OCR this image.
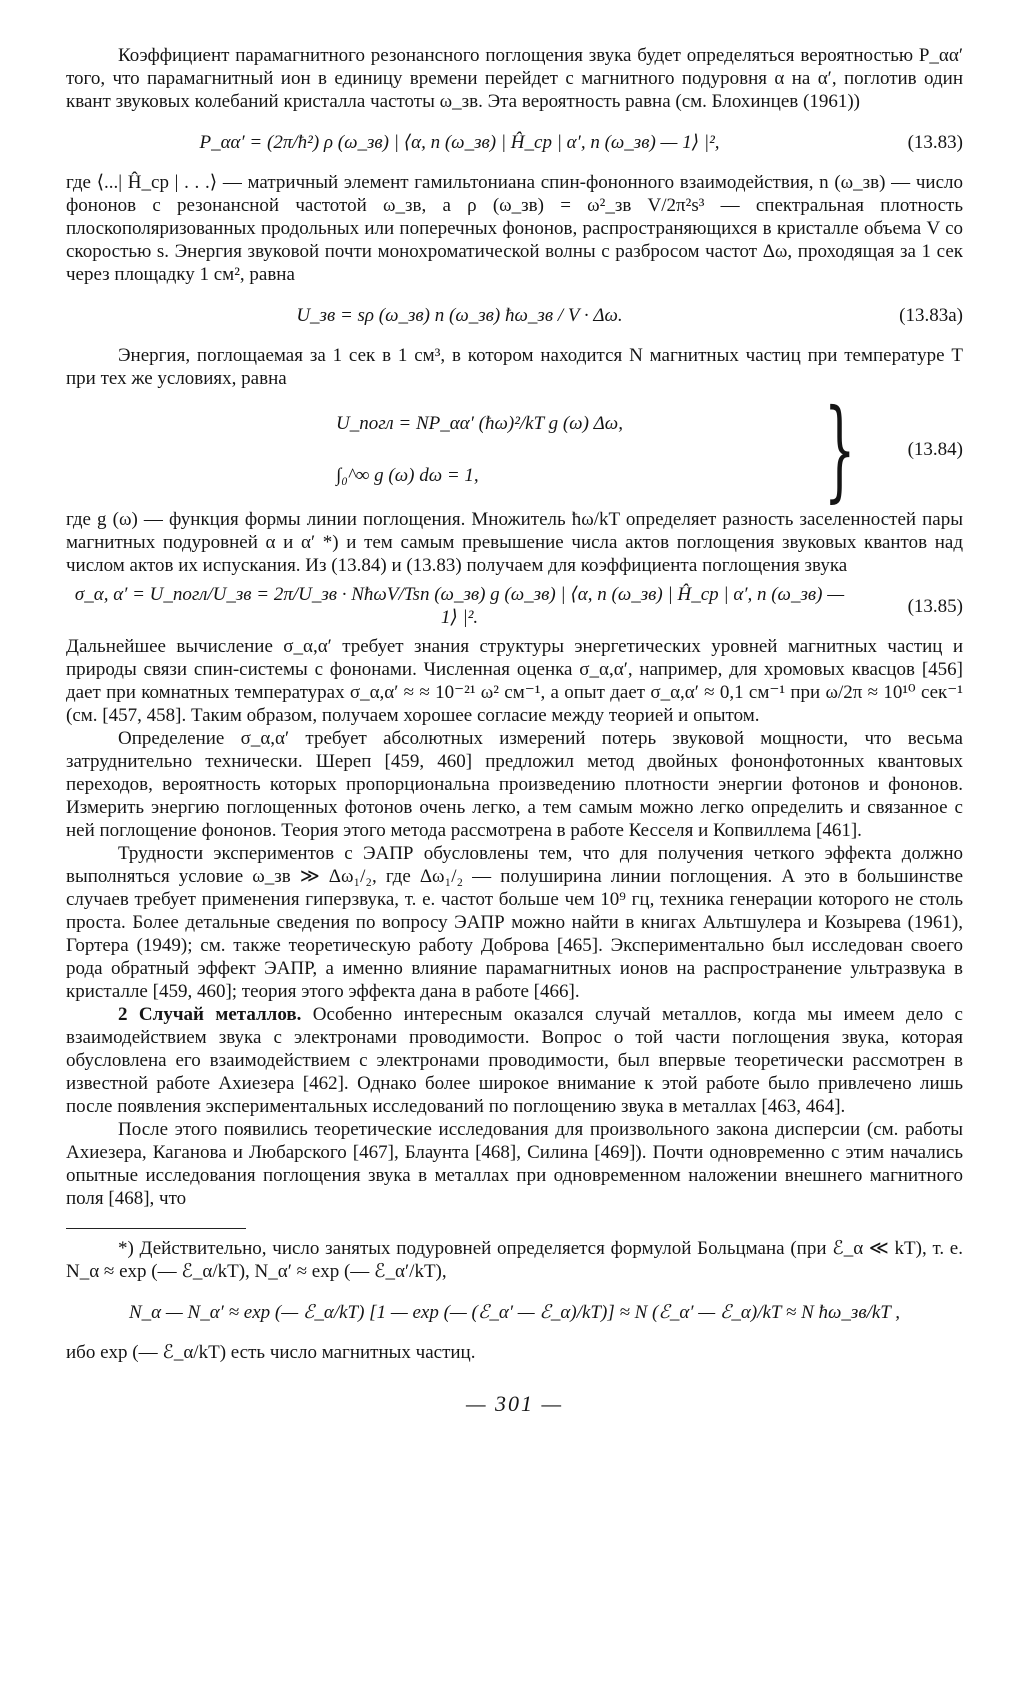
Коэффициент парамагнитного резонансного поглощения звука будет определяться вероятностью P_αα′ того, что парамагнитный ион в единицу времени перейдет с магнитного подуровня α на α′, поглотив один квант звуковых колебаний кристалла частоты ω_зв. Эта вероятность равна (см. Блохинцев (1961))

P_αα′ = (2π/ħ²) ρ (ω_зв) | ⟨α, n (ω_зв) | Ĥ_ср | α′, n (ω_зв) — 1⟩ |²,	(13.83)

где ⟨...| Ĥ_ср | . . .⟩ — матричный элемент гамильтониана спин-фононного взаимодействия, n (ω_зв) — число фононов с резонансной частотой ω_зв, а ρ (ω_зв) = ω²_зв V/2π²s³ — спектральная плотность плоскополяризованных продольных или поперечных фононов, распространяющихся в кристалле объема V со скоростью s. Энергия звуковой почти монохроматической волны с разбросом частот Δω, проходящая за 1 сек через площадку 1 см², равна

U_зв = sρ (ω_зв) n (ω_зв) ħω_зв / V · Δω.	(13.83a)

Энергия, поглощаемая за 1 сек в 1 см³, в котором находится N магнитных частиц при температуре T при тех же условиях, равна

U_погл = NP_αα′ (ħω)²/kT g (ω) Δω,
∫₀^∞ g (ω) dω = 1,	}	(13.84)

где g (ω) — функция формы линии поглощения. Множитель ħω/kT определяет разность заселенностей пары магнитных подуровней α и α′ *) и тем самым превышение числа актов поглощения звуковых квантов над числом актов их испускания. Из (13.84) и (13.83) получаем для коэффициента поглощения звука

σ_α, α′ = U_погл/U_зв = 2π/U_зв · NħωV/Tsn (ω_зв) g (ω_зв) | ⟨α, n (ω_зв) | Ĥ_ср | α′, n (ω_зв) — 1⟩ |².
(13.85)

Дальнейшее вычисление σ_α,α′ требует знания структуры энергетических уровней магнитных частиц и природы связи спин-системы с фононами. Численная оценка σ_α,α′, например, для хромовых квасцов [456] дает при комнатных температурах σ_α,α′ ≈ ≈ 10⁻²¹ ω² см⁻¹, а опыт дает σ_α,α′ ≈ 0,1 см⁻¹ при ω/2π ≈ 10¹⁰ сек⁻¹ (см. [457, 458]. Таким образом, получаем хорошее согласие между теорией и опытом.

Определение σ_α,α′ требует абсолютных измерений потерь звуковой мощности, что весьма затруднительно технически. Шереп [459, 460] предложил метод двойных фононфотонных квантовых переходов, вероятность которых пропорциональна произведению плотности энергии фотонов и фононов. Измерить энергию поглощенных фотонов очень легко, а тем самым можно легко определить и связанное с ней поглощение фононов. Теория этого метода рассмотрена в работе Кесселя и Копвиллема [461].

Трудности экспериментов с ЭАПР обусловлены тем, что для получения четкого эффекта должно выполняться условие ω_зв ≫ Δω₁/₂, где Δω₁/₂ — полуширина линии поглощения. А это в большинстве случаев требует применения гиперзвука, т. е. частот больше чем 10⁹ гц, техника генерации которого не столь проста. Более детальные сведения по вопросу ЭАПР можно найти в книгах Альтшулера и Козырева (1961), Гортера (1949); см. также теоретическую работу Доброва [465]. Экспериментально был исследован своего рода обратный эффект ЭАПР, а именно влияние парамагнитных ионов на распространение ультразвука в кристалле [459, 460]; теория этого эффекта дана в работе [466].

2 Случай металлов. Особенно интересным оказался случай металлов, когда мы имеем дело с взаимодействием звука с электронами проводимости. Вопрос о той части поглощения звука, которая обусловлена его взаимодействием с электронами проводимости, был впервые теоретически рассмотрен в известной работе Ахиезера [462]. Однако более широкое внимание к этой работе было привлечено лишь после появления экспериментальных исследований по поглощению звука в металлах [463, 464].

После этого появились теоретические исследования для произвольного закона дисперсии (см. работы Ахиезера, Каганова и Любарского [467], Блаунта [468], Силина [469]). Почти одновременно с этим начались опытные исследования поглощения звука в металлах при одновременном наложении внешнего магнитного поля [468], что

*) Действительно, число занятых подуровней определяется формулой Больцмана (при ℰ_α ≪ kT), т. е. N_α ≈ exp (— ℰ_α/kT), N_α′ ≈ exp (— ℰ_α′/kT),

N_α — N_α′ ≈ exp (— ℰ_α/kT) [1 — exp (— (ℰ_α′ — ℰ_α)/kT)] ≈ N (ℰ_α′ — ℰ_α)/kT ≈ N ħω_зв/kT ,

ибо exp (— ℰ_α/kT) есть число магнитных частиц.

— 301 —
